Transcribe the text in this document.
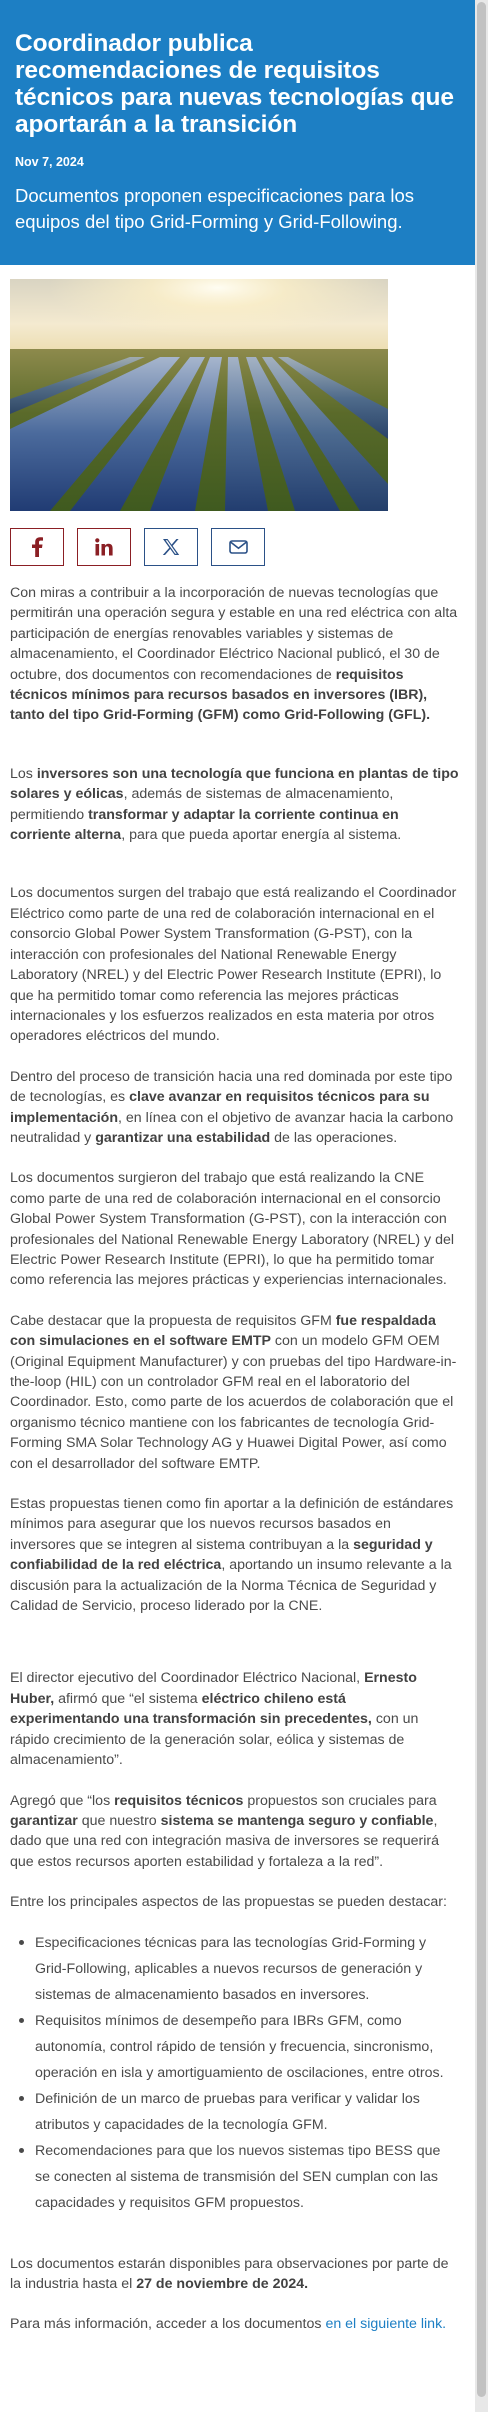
Coordinador publica recomendaciones de requisitos técnicos para nuevas tecnologías que aportarán a la transición
Nov 7, 2024
Documentos proponen especificaciones para los equipos del tipo Grid-Forming y Grid-Following.

Con miras a contribuir a la incorporación de nuevas tecnologías que permitirán una operación segura y estable en una red eléctrica con alta participación de energías renovables variables y sistemas de almacenamiento, el Coordinador Eléctrico Nacional publicó, el 30 de octubre, dos documentos con recomendaciones de requisitos técnicos mínimos para recursos basados en inversores (IBR), tanto del tipo Grid-Forming (GFM) como Grid-Following (GFL).

Los inversores son una tecnología que funciona en plantas de tipo solares y eólicas, además de sistemas de almacenamiento, permitiendo transformar y adaptar la corriente continua en corriente alterna, para que pueda aportar energía al sistema.

Los documentos surgen del trabajo que está realizando el Coordinador Eléctrico como parte de una red de colaboración internacional en el consorcio Global Power System Transformation (G-PST), con la interacción con profesionales del National Renewable Energy Laboratory (NREL) y del Electric Power Research Institute (EPRI), lo que ha permitido tomar como referencia las mejores prácticas internacionales y los esfuerzos realizados en esta materia por otros operadores eléctricos del mundo.

Dentro del proceso de transición hacia una red dominada por este tipo de tecnologías, es clave avanzar en requisitos técnicos para su implementación, en línea con el objetivo de avanzar hacia la carbono neutralidad y garantizar una estabilidad de las operaciones.

Los documentos surgieron del trabajo que está realizando la CNE como parte de una red de colaboración internacional en el consorcio Global Power System Transformation (G-PST), con la interacción con profesionales del National Renewable Energy Laboratory (NREL) y del Electric Power Research Institute (EPRI), lo que ha permitido tomar como referencia las mejores prácticas y experiencias internacionales.

Cabe destacar que la propuesta de requisitos GFM fue respaldada con simulaciones en el software EMTP con un modelo GFM OEM (Original Equipment Manufacturer) y con pruebas del tipo Hardware-in-the-loop (HIL) con un controlador GFM real en el laboratorio del Coordinador. Esto, como parte de los acuerdos de colaboración que el organismo técnico mantiene con los fabricantes de tecnología Grid-Forming SMA Solar Technology AG y Huawei Digital Power, así como con el desarrollador del software EMTP.

Estas propuestas tienen como fin aportar a la definición de estándares mínimos para asegurar que los nuevos recursos basados en inversores que se integren al sistema contribuyan a la seguridad y confiabilidad de la red eléctrica, aportando un insumo relevante a la discusión para la actualización de la Norma Técnica de Seguridad y Calidad de Servicio, proceso liderado por la CNE.

El director ejecutivo del Coordinador Eléctrico Nacional, Ernesto Huber, afirmó que “el sistema eléctrico chileno está experimentando una transformación sin precedentes, con un rápido crecimiento de la generación solar, eólica y sistemas de almacenamiento”.

Agregó que “los requisitos técnicos propuestos son cruciales para garantizar que nuestro sistema se mantenga seguro y confiable, dado que una red con integración masiva de inversores se requerirá que estos recursos aporten estabilidad y fortaleza a la red”.

Entre los principales aspectos de las propuestas se pueden destacar:

Especificaciones técnicas para las tecnologías Grid-Forming y Grid-Following, aplicables a nuevos recursos de generación y sistemas de almacenamiento basados en inversores.
Requisitos mínimos de desempeño para IBRs GFM, como autonomía, control rápido de tensión y frecuencia, sincronismo, operación en isla y amortiguamiento de oscilaciones, entre otros.
Definición de un marco de pruebas para verificar y validar los atributos y capacidades de la tecnología GFM.
Recomendaciones para que los nuevos sistemas tipo BESS que se conecten al sistema de transmisión del SEN cumplan con las capacidades y requisitos GFM propuestos.

Los documentos estarán disponibles para observaciones por parte de la industria hasta el 27 de noviembre de 2024.

Para más información, acceder a los documentos en el siguiente link.
